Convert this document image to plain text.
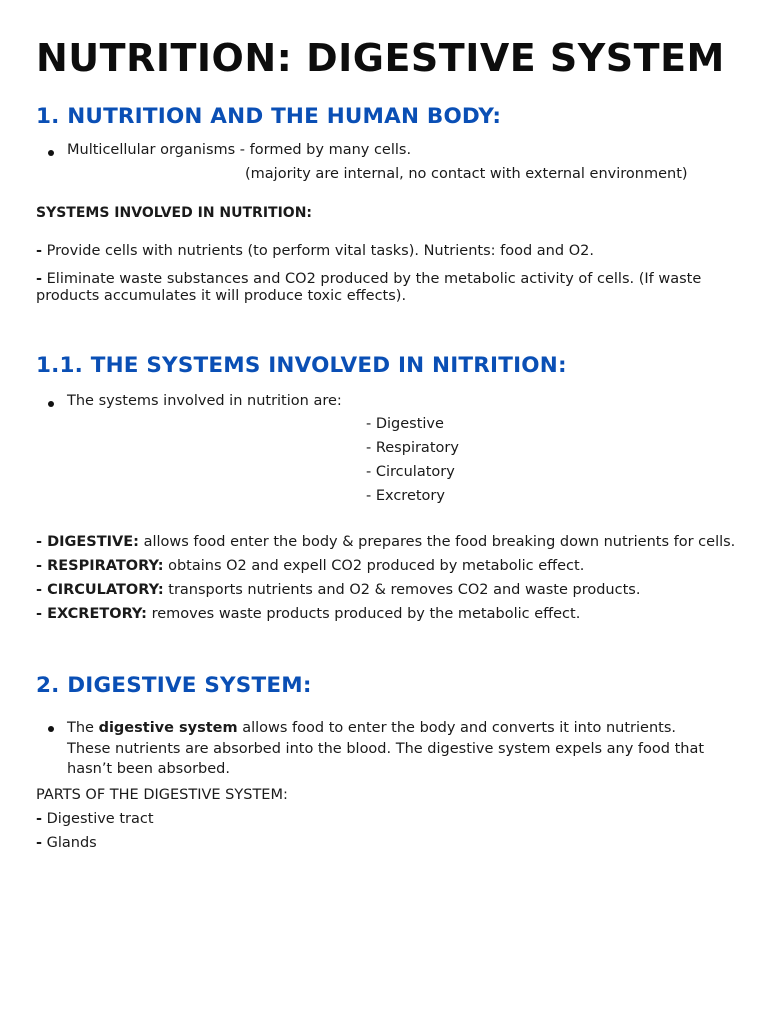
NUTRITION: DIGESTIVE SYSTEM
1. NUTRITION AND THE HUMAN BODY:

Multicellular organisms - formed by many cells.

(majority are internal, no contact with external environment)

SYSTEMS INVOLVED IN NUTRITION:

- Provide cells with nutrients (to perform vital tasks). Nutrients: food and O2.

- Eliminate waste substances and CO2 produced by the metabolic activity of cells. (If waste products accumulates it will produce toxic effects).

1.1. THE SYSTEMS INVOLVED IN NITRITION:

The systems involved in nutrition are:

- Digestive

- Respiratory

- Circulatory

- Excretory

- DIGESTIVE: allows food enter the body & prepares the food breaking down nutrients for cells.

- RESPIRATORY: obtains O2 and expell CO2 produced by metabolic effect.

- CIRCULATORY: transports nutrients and O2 & removes CO2 and waste products.

- EXCRETORY: removes waste products produced by the metabolic effect.

2. DIGESTIVE SYSTEM:

The digestive system allows food to enter the body and converts it into nutrients. These nutrients are absorbed into the blood. The digestive system expels any food that hasn’t been absorbed.

PARTS OF THE DIGESTIVE SYSTEM:

- Digestive tract

- Glands
